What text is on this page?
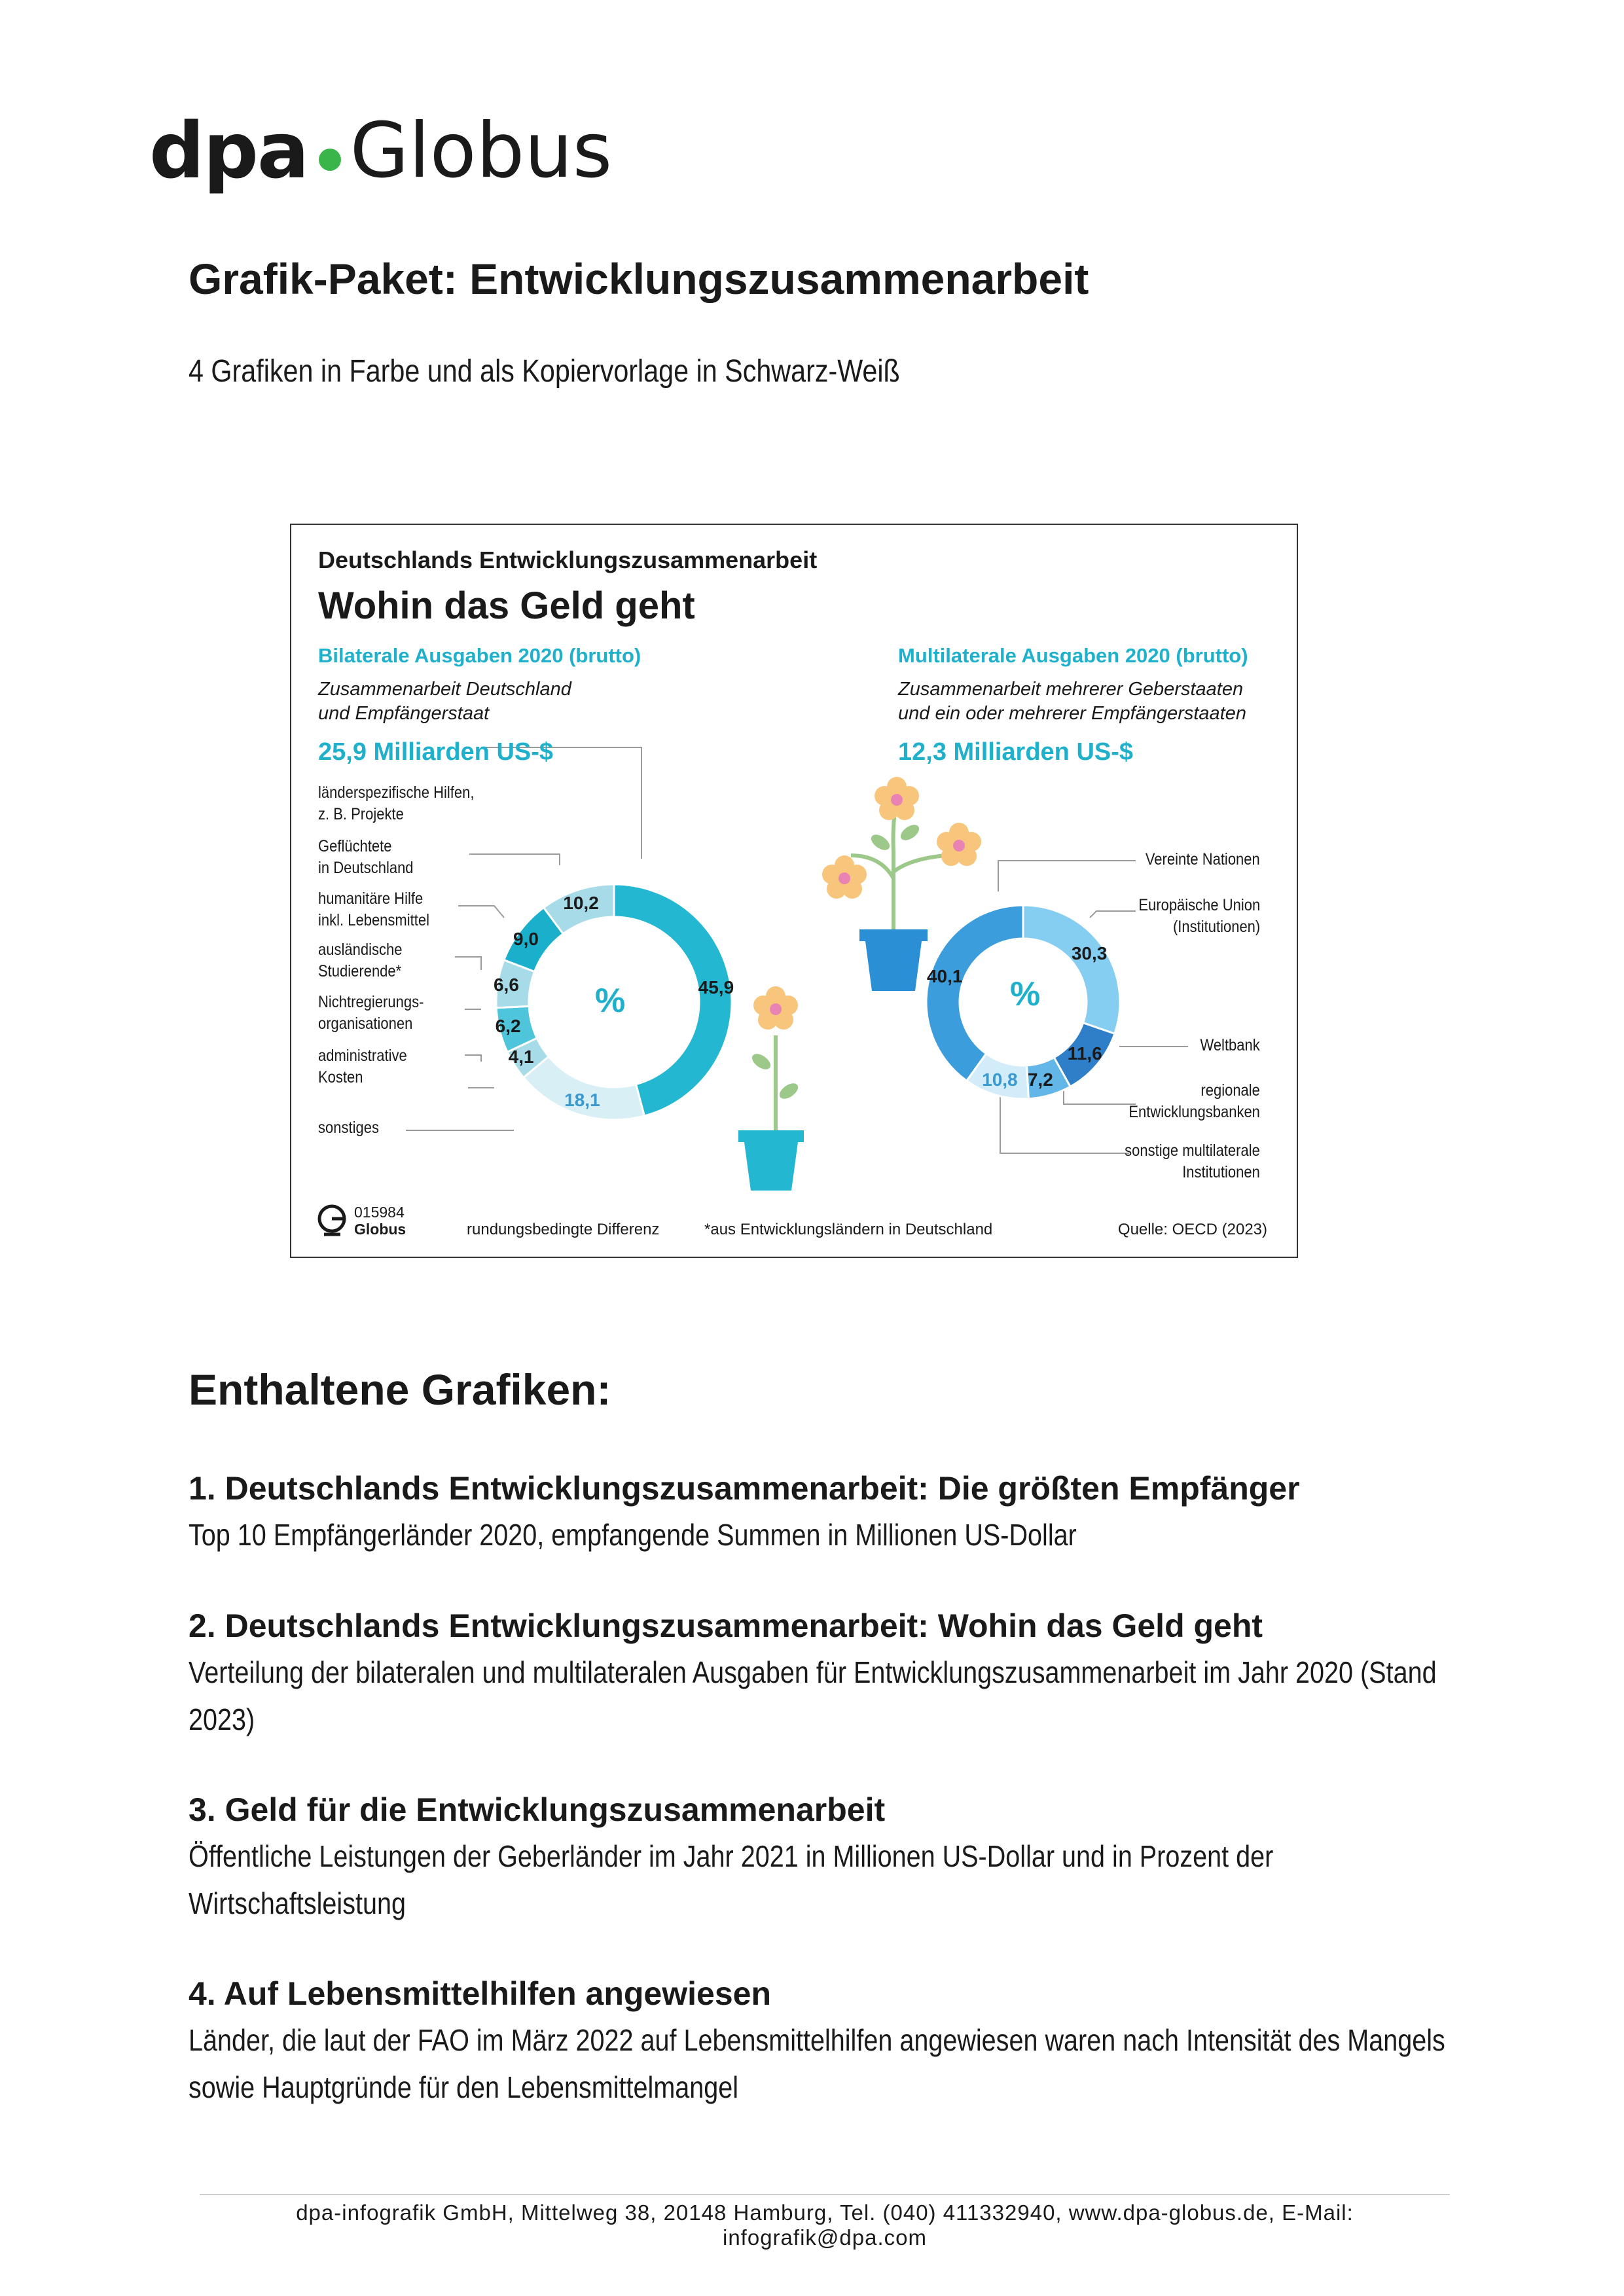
dpa Globus
Grafik-Paket: Entwicklungszusammenarbeit
4 Grafiken in Farbe und als Kopiervorlage in Schwarz-Weiß
Deutschlands Entwicklungszusammenarbeit
Wohin das Geld geht
Bilaterale Ausgaben 2020 (brutto)
Zusammenarbeit Deutschland
und Empfängerstaat
25,9 Milliarden US-$
Multilaterale Ausgaben 2020 (brutto)
Zusammenarbeit mehrerer Geberstaaten
und ein oder mehrerer Empfängerstaaten
12,3 Milliarden US-$
länderspezifische Hilfen,
z. B. Projekte
Geflüchtete
in Deutschland
humanitäre Hilfe
inkl. Lebensmittel
ausländische
Studierende*
Nichtregierungs-
organisationen
administrative
Kosten
sonstiges
Vereinte Nationen
Europäische Union
(Institutionen)
Weltbank
regionale
Entwicklungsbanken
sonstige multilaterale
Institutionen
%	%
45,9
18,1
4,1
6,2
6,6
9,0
10,2
30,3
11,6
7,2
10,8
40,1
015984
Globus	rundungsbedingte Differenz	*aus Entwicklungsländern in Deutschland	Quelle: OECD (2023)
Enthaltene Grafiken:

1. Deutschlands Entwicklungszusammenarbeit: Die größten Empfänger

Top 10 Empfängerländer 2020, empfangende Summen in Millionen US-Dollar

2. Deutschlands Entwicklungszusammenarbeit: Wohin das Geld geht

Verteilung der bilateralen und multilateralen Ausgaben für Entwicklungszusammenarbeit im Jahr 2020 (Stand 2023)

3. Geld für die Entwicklungszusammenarbeit

Öffentliche Leistungen der Geberländer im Jahr 2021 in Millionen US-Dollar und in Prozent der Wirtschaftsleistung

4. Auf Lebensmittelhilfen angewiesen

Länder, die laut der FAO im März 2022 auf Lebensmittelhilfen angewiesen waren nach Intensität des Mangels sowie Hauptgründe für den Lebensmittelmangel
dpa-infografik GmbH, Mittelweg 38, 20148 Hamburg, Tel. (040) 411332940, www.dpa-globus.de, E-Mail: infografik@dpa.com
